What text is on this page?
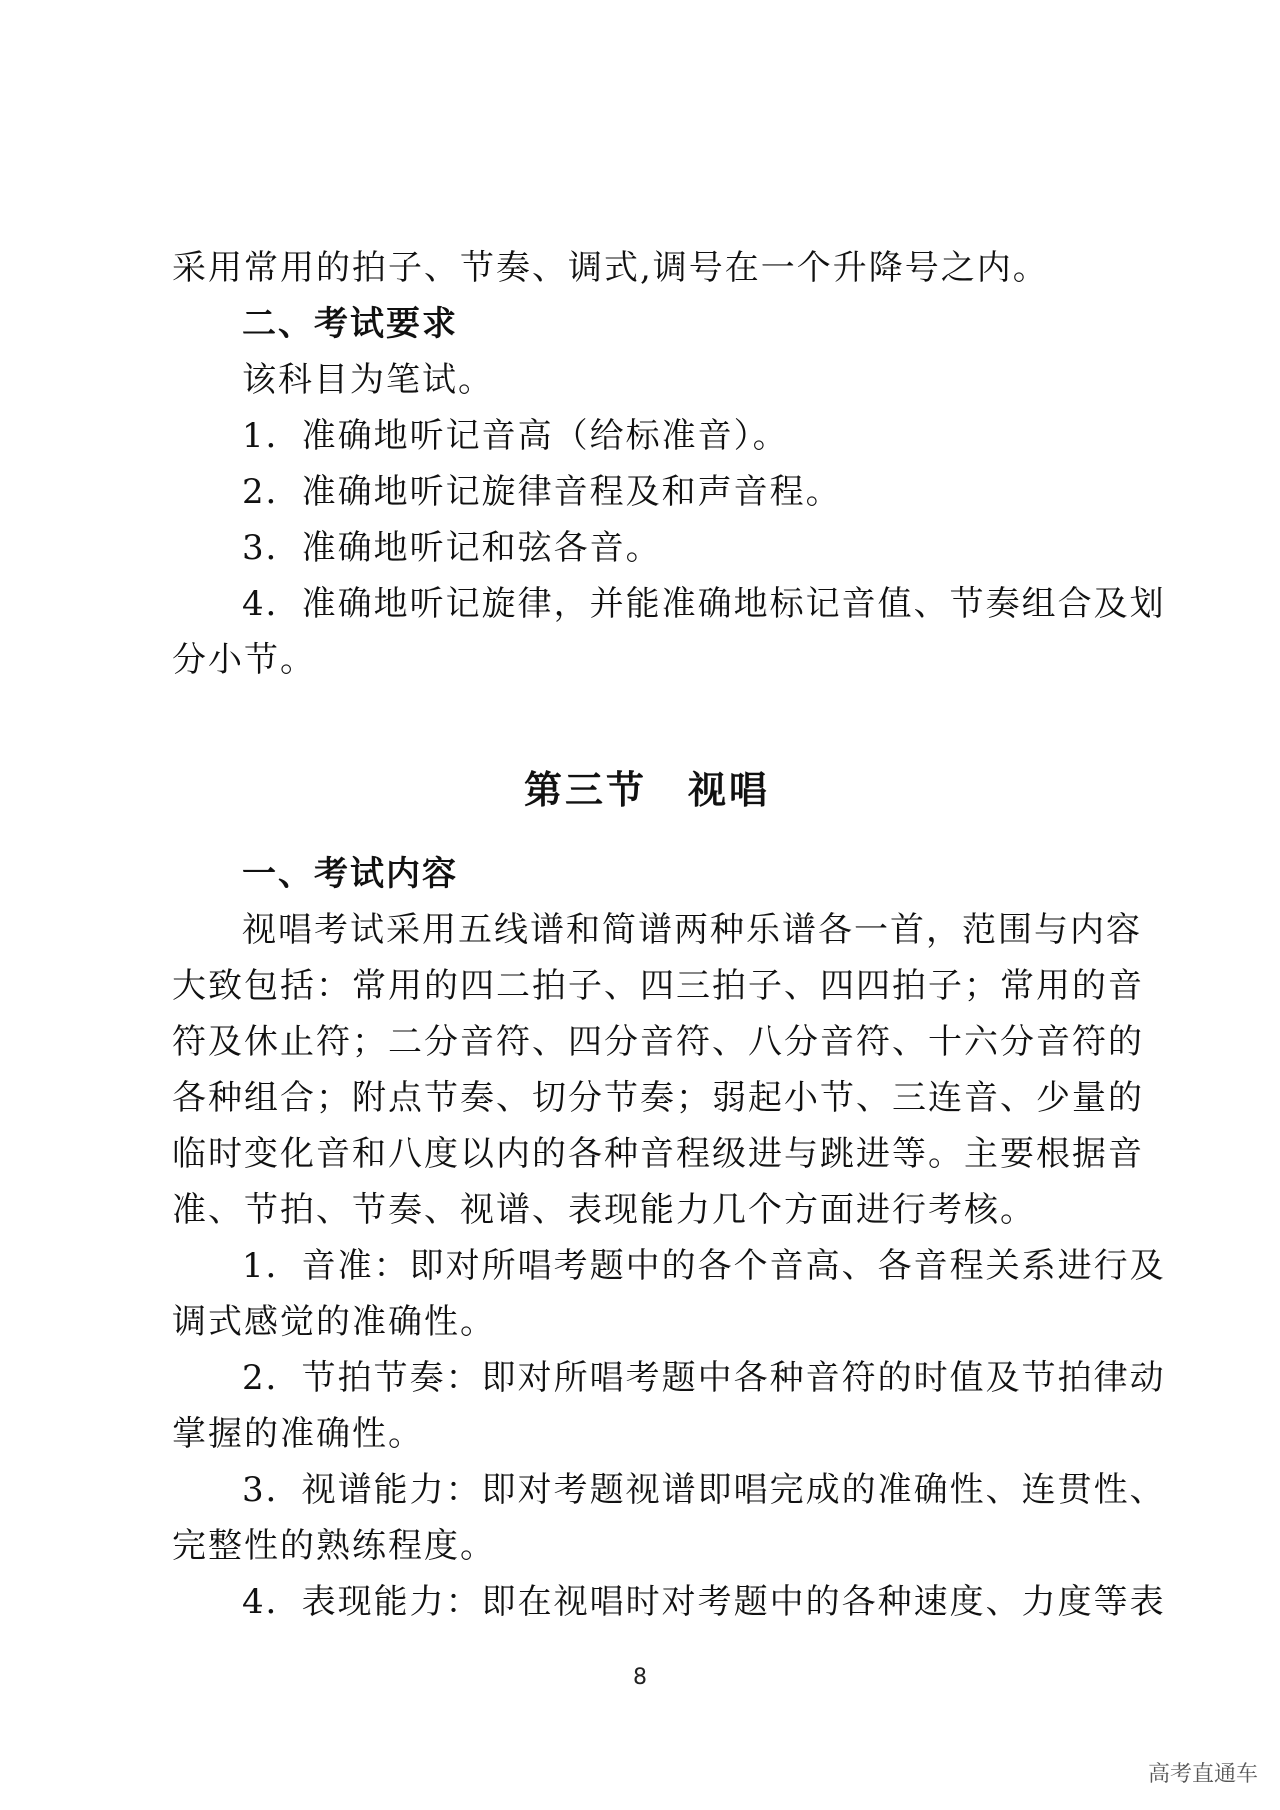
采用常用的拍子、节奏、调式,调号在一个升降号之内。
二、考试要求
该科目为笔试。
1．准确地听记音高（给标准音）。
2．准确地听记旋律音程及和声音程。
3．准确地听记和弦各音。
4．准确地听记旋律，并能准确地标记音值、节奏组合及划
分小节。
第三节　视唱
一、考试内容
视唱考试采用五线谱和简谱两种乐谱各一首，范围与内容
大致包括：常用的四二拍子、四三拍子、四四拍子；常用的音
符及休止符；二分音符、四分音符、八分音符、十六分音符的
各种组合；附点节奏、切分节奏；弱起小节、三连音、少量的
临时变化音和八度以内的各种音程级进与跳进等。主要根据音
准、节拍、节奏、视谱、表现能力几个方面进行考核。
1．音准：即对所唱考题中的各个音高、各音程关系进行及
调式感觉的准确性。
2．节拍节奏：即对所唱考题中各种音符的时值及节拍律动
掌握的准确性。
3．视谱能力：即对考题视谱即唱完成的准确性、连贯性、
完整性的熟练程度。
4．表现能力：即在视唱时对考题中的各种速度、力度等表
8
高考直通车
